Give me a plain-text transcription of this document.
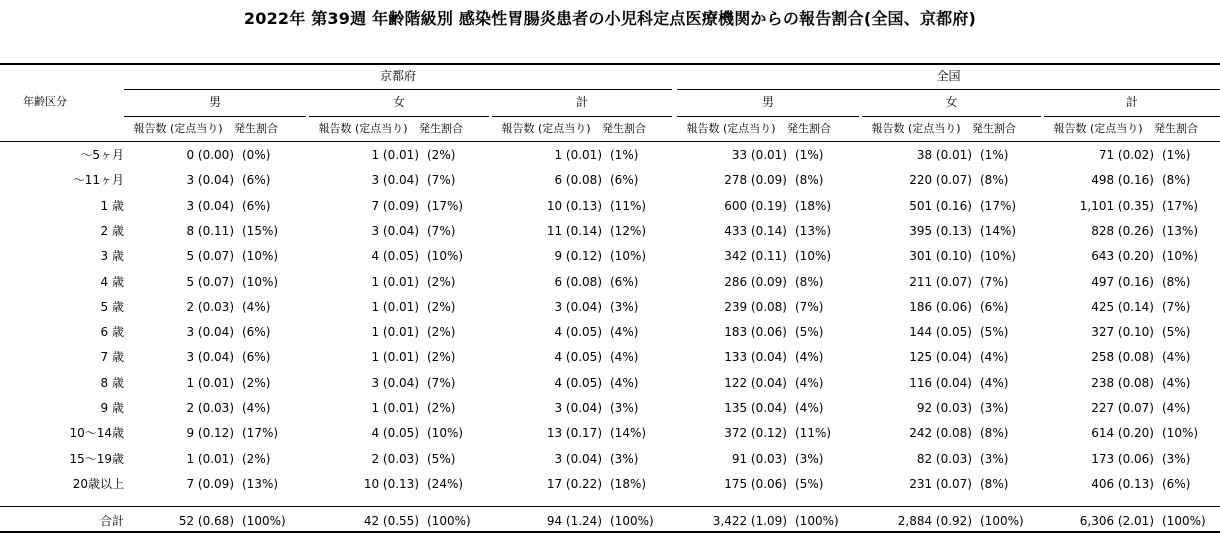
2022年 第39週 年齢階級別 感染性胃腸炎患者の小児科定点医療機関からの報告割合(全国、京都府)
年齢区分
京都府	全国
男
報告数 (定点当り)	発生割合
女
報告数 (定点当り)	発生割合
計
報告数 (定点当り)	発生割合
男
報告数 (定点当り)	発生割合
女
報告数 (定点当り)	発生割合
計
報告数 (定点当り)	発生割合
〜5ヶ月	0 (0.00) (0%)	1 (0.01) (2%)	1 (0.01) (1%)	33 (0.01) (1%)	38 (0.01) (1%)	71 (0.02) (1%)
〜11ヶ月	3 (0.04) (6%)	3 (0.04) (7%)	6 (0.08) (6%)	278 (0.09) (8%)	220 (0.07) (8%)	498 (0.16) (8%)
1 歳	3 (0.04) (6%)	7 (0.09) (17%)	10 (0.13) (11%)	600 (0.19) (18%)	501 (0.16) (17%)	1,101 (0.35) (17%)
2 歳	8 (0.11) (15%)	3 (0.04) (7%)	11 (0.14) (12%)	433 (0.14) (13%)	395 (0.13) (14%)	828 (0.26) (13%)
3 歳	5 (0.07) (10%)	4 (0.05) (10%)	9 (0.12) (10%)	342 (0.11) (10%)	301 (0.10) (10%)	643 (0.20) (10%)
4 歳	5 (0.07) (10%)	1 (0.01) (2%)	6 (0.08) (6%)	286 (0.09) (8%)	211 (0.07) (7%)	497 (0.16) (8%)
5 歳	2 (0.03) (4%)	1 (0.01) (2%)	3 (0.04) (3%)	239 (0.08) (7%)	186 (0.06) (6%)	425 (0.14) (7%)
6 歳	3 (0.04) (6%)	1 (0.01) (2%)	4 (0.05) (4%)	183 (0.06) (5%)	144 (0.05) (5%)	327 (0.10) (5%)
7 歳	3 (0.04) (6%)	1 (0.01) (2%)	4 (0.05) (4%)	133 (0.04) (4%)	125 (0.04) (4%)	258 (0.08) (4%)
8 歳	1 (0.01) (2%)	3 (0.04) (7%)	4 (0.05) (4%)	122 (0.04) (4%)	116 (0.04) (4%)	238 (0.08) (4%)
9 歳	2 (0.03) (4%)	1 (0.01) (2%)	3 (0.04) (3%)	135 (0.04) (4%)	92 (0.03) (3%)	227 (0.07) (4%)
10〜14歳	9 (0.12) (17%)	4 (0.05) (10%)	13 (0.17) (14%)	372 (0.12) (11%)	242 (0.08) (8%)	614 (0.20) (10%)
15〜19歳	1 (0.01) (2%)	2 (0.03) (5%)	3 (0.04) (3%)	91 (0.03) (3%)	82 (0.03) (3%)	173 (0.06) (3%)
20歳以上	7 (0.09) (13%)	10 (0.13) (24%)	17 (0.22) (18%)	175 (0.06) (5%)	231 (0.07) (8%)	406 (0.13) (6%)
合計	52 (0.68) (100%)	42 (0.55) (100%)	94 (1.24) (100%)	3,422 (1.09) (100%)	2,884 (0.92) (100%)	6,306 (2.01) (100%)
